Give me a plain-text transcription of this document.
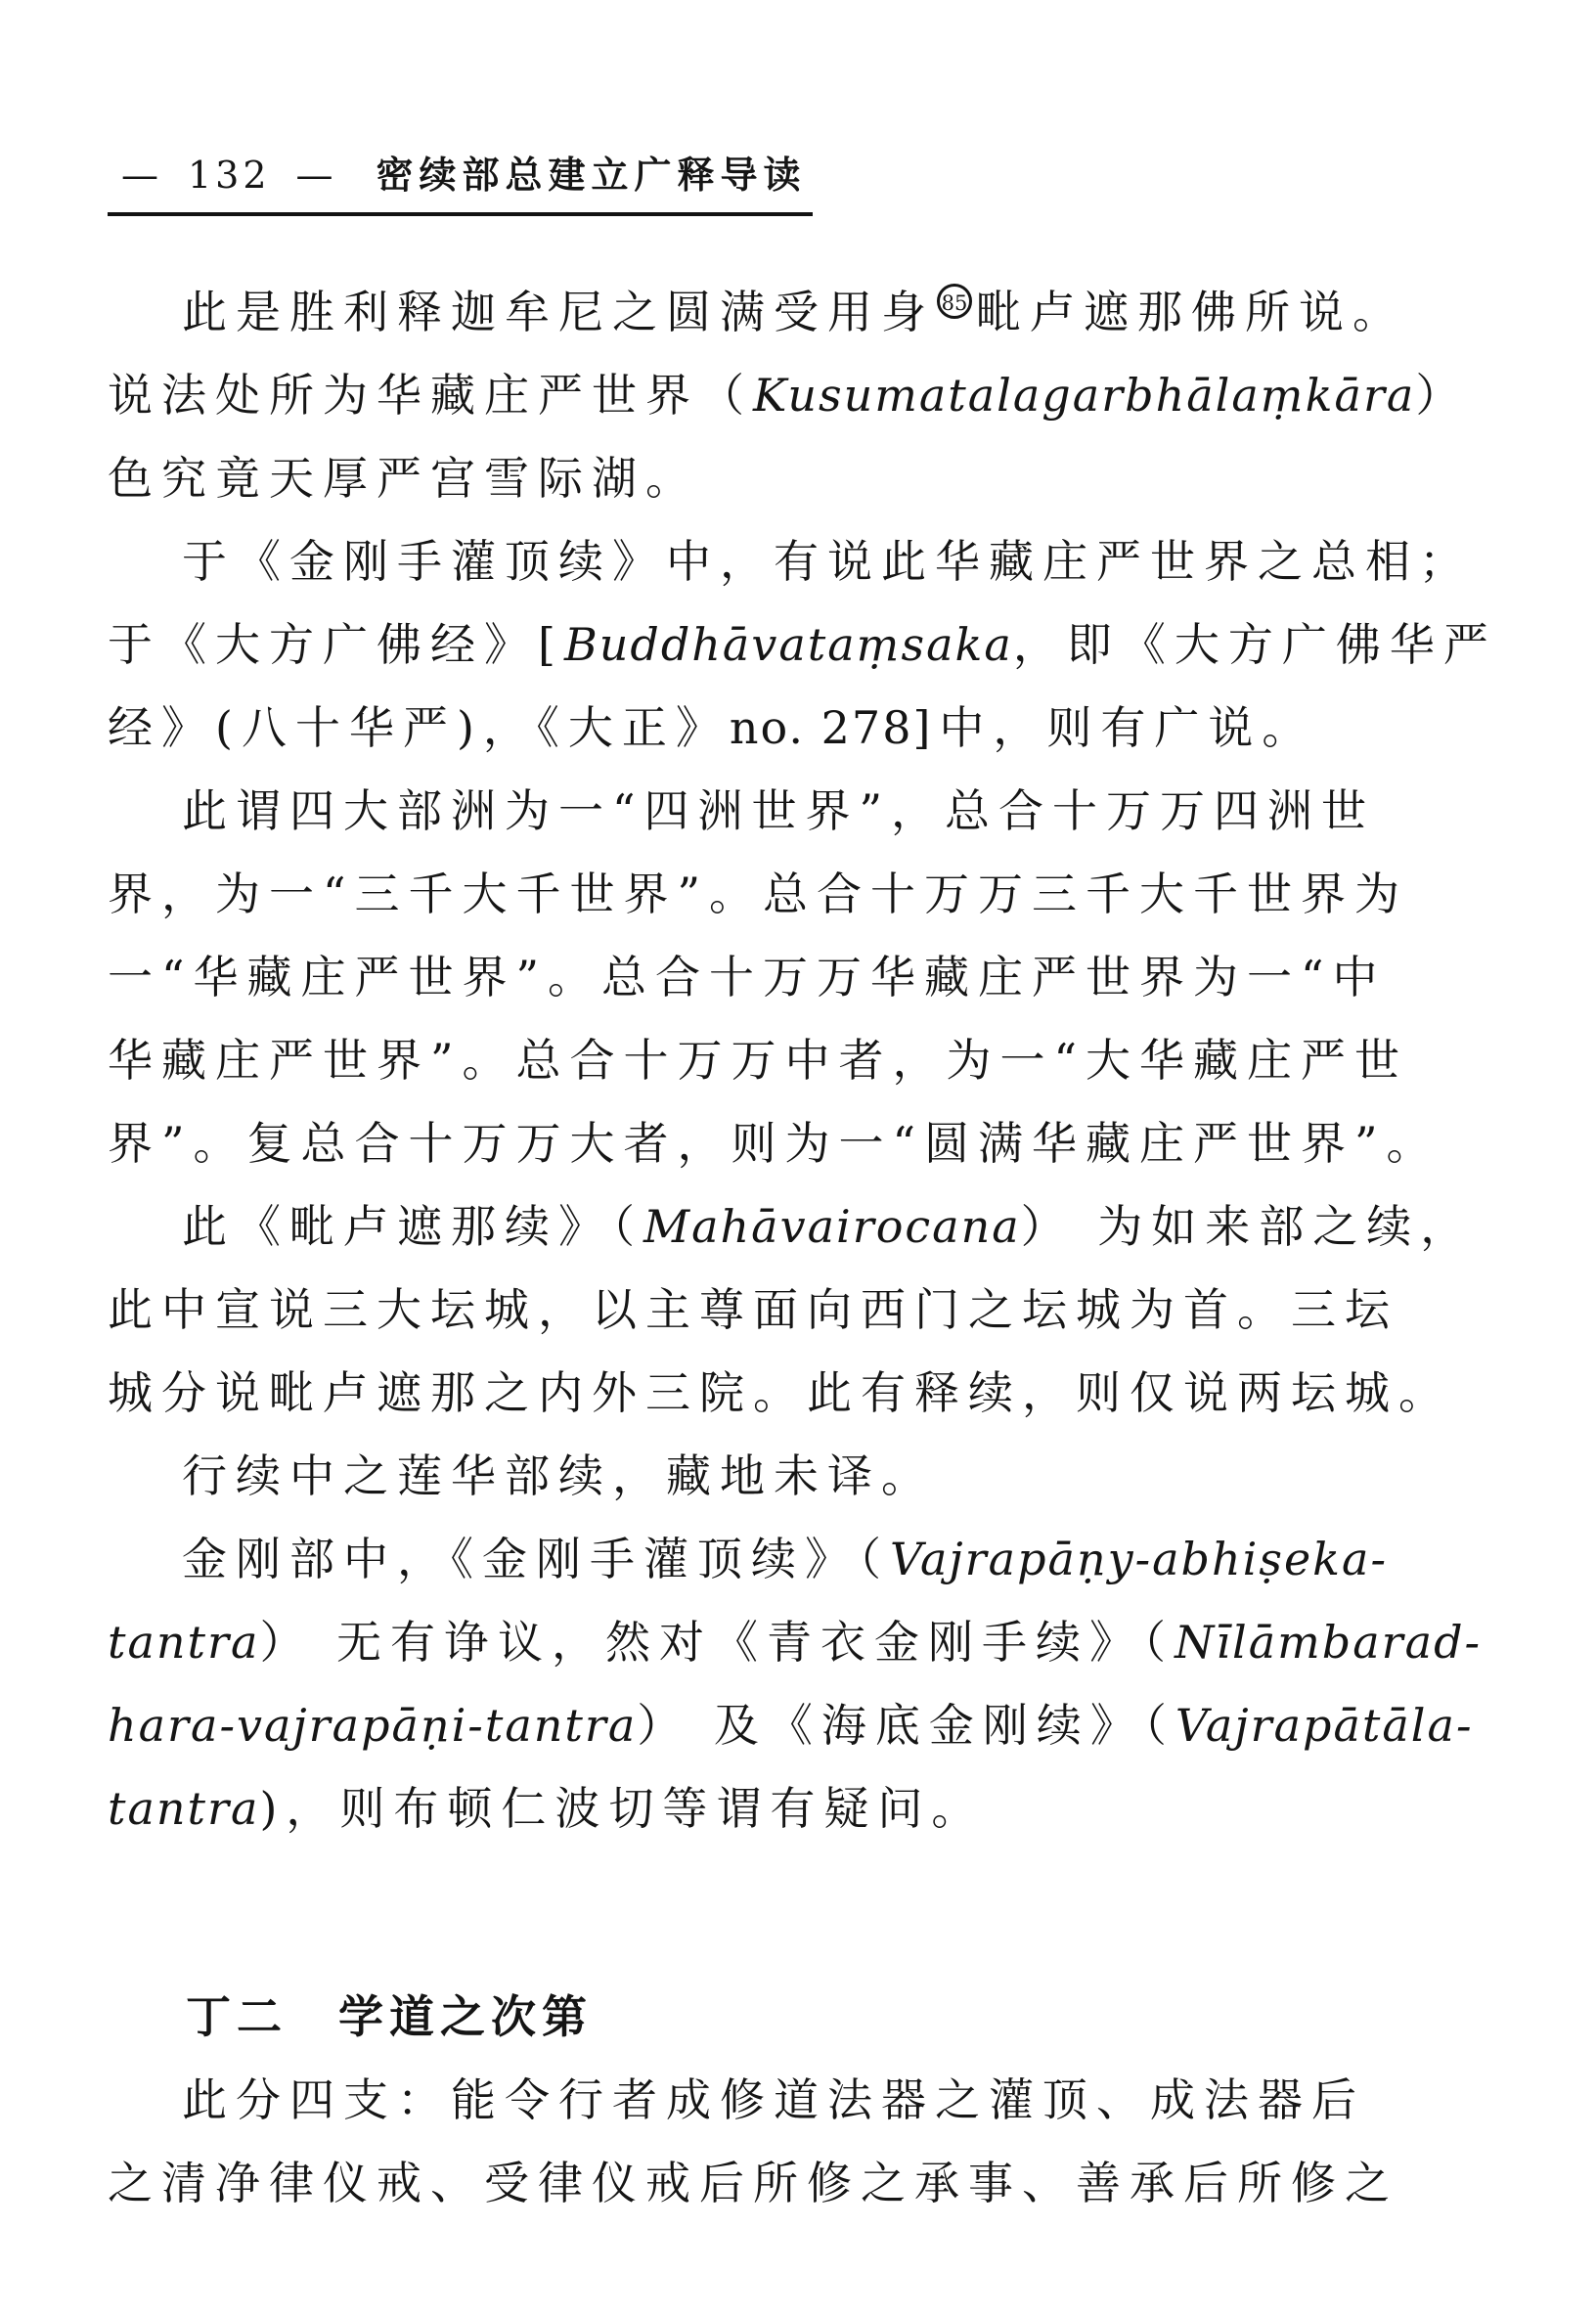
— 132 — 密续部总建立广释导读
此是胜利释迦牟尼之圆满受用身 85 毗卢遮那佛所说。
说法处所为华藏庄严世界（Kusumatalagarbhālaṃkāra）
色究竟天厚严宫雪际湖。
于《金刚手灌顶续》中，有说此华藏庄严世界之总相；
于《大方广佛经》[Buddhāvataṃsaka，即《大方广佛华严
经》(八十华严)，《大正》no. 278]中，则有广说。
此谓四大部洲为一“四洲世界”，总合十万万四洲世
界，为一“三千大千世界”。总合十万万三千大千世界为
一“华藏庄严世界”。总合十万万华藏庄严世界为一“中
华藏庄严世界”。总合十万万中者，为一“大华藏庄严世
界”。复总合十万万大者，则为一“圆满华藏庄严世界”。
此《毗卢遮那续》（Mahāvairocana） 为如来部之续，
此中宣说三大坛城，以主尊面向西门之坛城为首。三坛
城分说毗卢遮那之内外三院。此有释续，则仅说两坛城。
行续中之莲华部续，藏地未译。
金刚部中，《金刚手灌顶续》（Vajrapāṇy-abhiṣeka-
tantra） 无有诤议，然对《青衣金刚手续》（Nīlāmbarad-
hara-vajrapāṇi-tantra） 及《海底金刚续》（Vajrapātāla-
tantra)，则布顿仁波切等谓有疑问。
丁二　学道之次第
此分四支：能令行者成修道法器之灌顶、成法器后
之清净律仪戒、受律仪戒后所修之承事、善承后所修之
